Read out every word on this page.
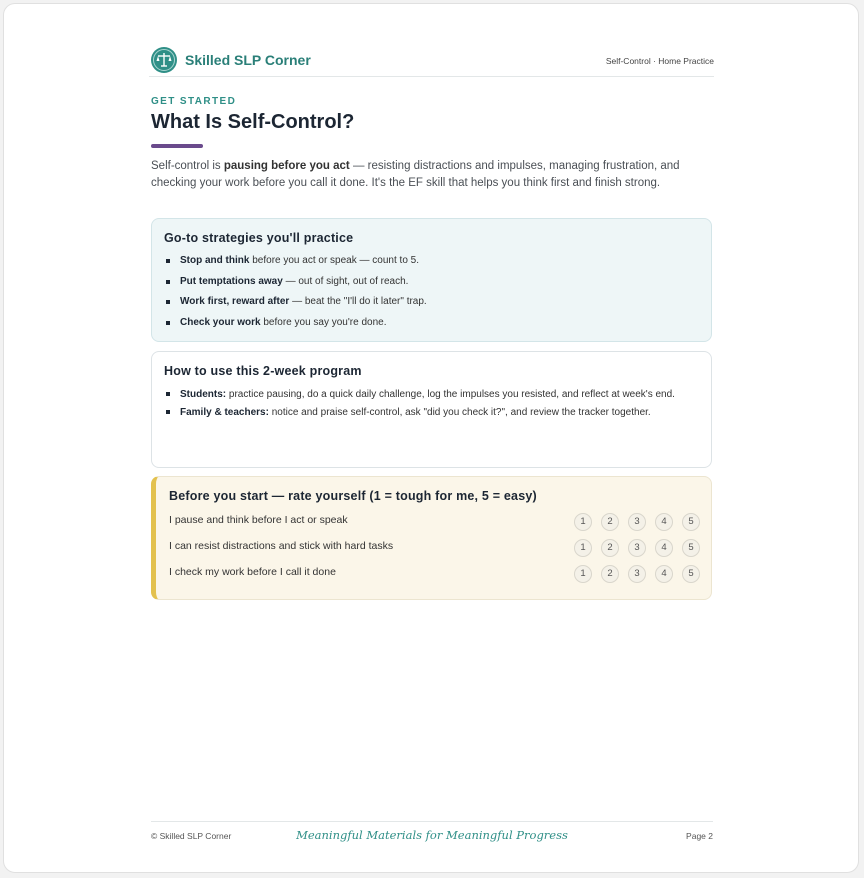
Skilled SLP Corner	Self-Control · Home Practice
GET STARTED
What Is Self-Control?

Self-control is pausing before you act — resisting distractions and impulses, managing frustration, and checking your work before you call it done. It's the EF skill that helps you think first and finish strong.

Go-to strategies you'll practice
Stop and think before you act or speak — count to 5.
Put temptations away — out of sight, out of reach.
Work first, reward after — beat the "I'll do it later" trap.
Check your work before you say you're done.
How to use this 2-week program
Students: practice pausing, do a quick daily challenge, log the impulses you resisted, and reflect at week's end.
Family & teachers: notice and praise self-control, ask "did you check it?", and review the tracker together.
Before you start — rate yourself (1 = tough for me, 5 = easy)
I pause and think before I act or speak	1 2 3 4 5
I can resist distractions and stick with hard tasks	1 2 3 4 5
I check my work before I call it done	1 2 3 4 5
© Skilled SLP Corner	Meaningful Materials for Meaningful Progress	Page 2
